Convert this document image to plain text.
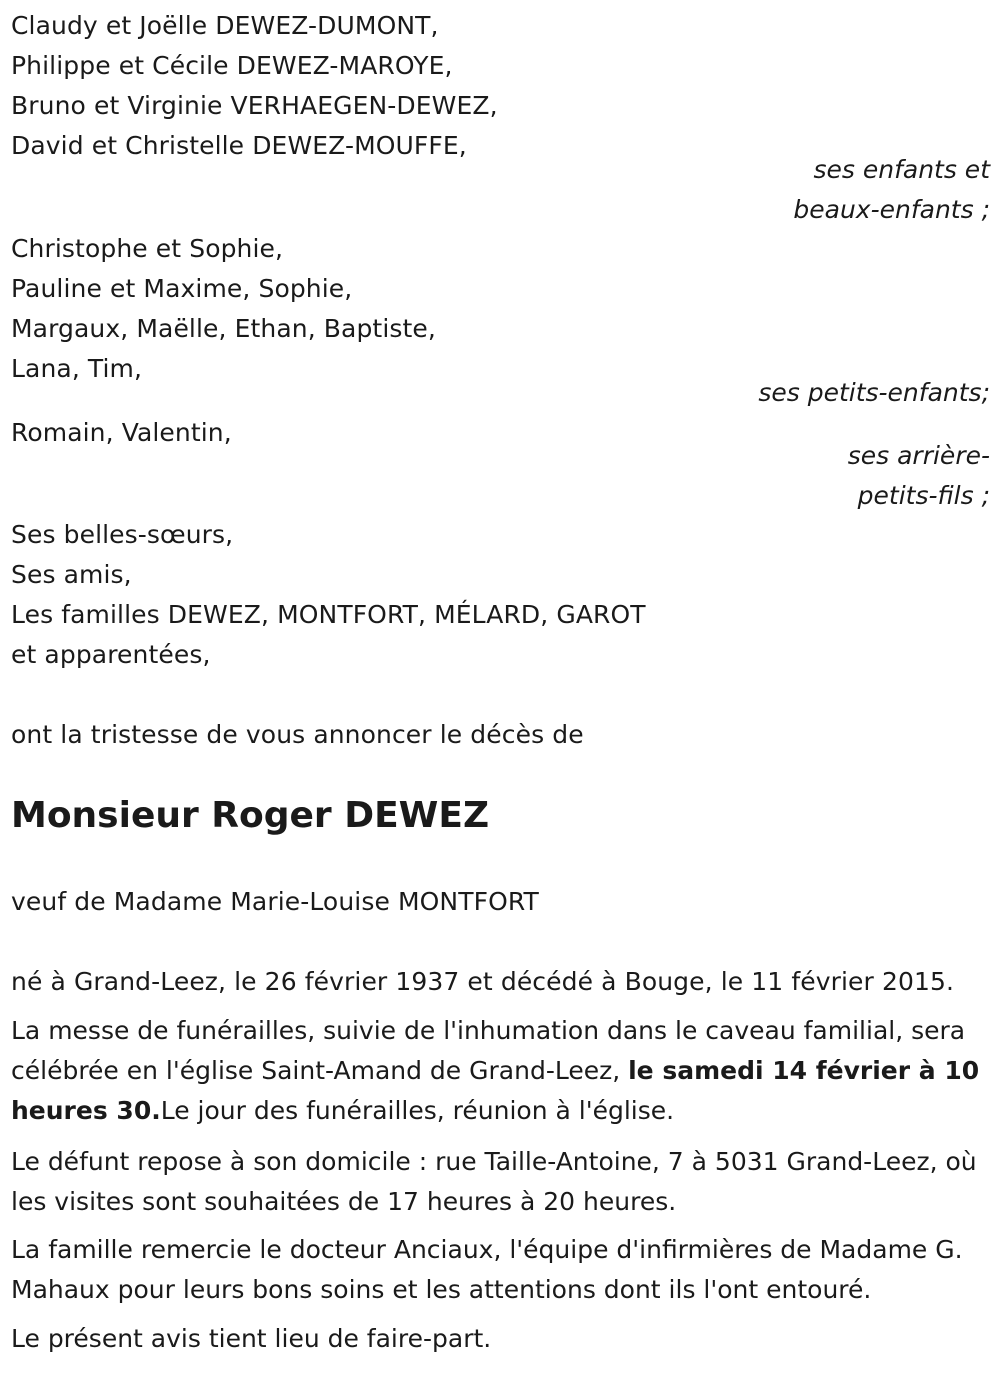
Claudy et Joëlle DEWEZ-DUMONT,
Philippe et Cécile DEWEZ-MAROYE,
Bruno et Virginie VERHAEGEN-DEWEZ,
David et Christelle DEWEZ-MOUFFE,
ses enfants et
beaux-enfants ;
Christophe et Sophie,
Pauline et Maxime, Sophie,
Margaux, Maëlle, Ethan, Baptiste,
Lana, Tim,
ses petits-enfants;
Romain, Valentin,
ses arrière-
petits-fils ;
Ses belles-sœurs,
Ses amis,
Les familles DEWEZ, MONTFORT, MÉLARD, GAROT
et apparentées,
ont la tristesse de vous annoncer le décès de
Monsieur Roger DEWEZ
veuf de Madame Marie-Louise MONTFORT
né à Grand-Leez, le 26 février 1937 et décédé à Bouge, le 11 février 2015.
La messe de funérailles, suivie de l'inhumation dans le caveau familial, sera célébrée en l'église Saint-Amand de Grand-Leez, le samedi 14 février à 10 heures 30.Le jour des funérailles, réunion à l'église.
Le défunt repose à son domicile : rue Taille-Antoine, 7 à 5031 Grand-Leez, où les visites sont souhaitées de 17 heures à 20 heures.
La famille remercie le docteur Anciaux, l'équipe d'infirmières de Madame G. Mahaux pour leurs bons soins et les attentions dont ils l'ont entouré.
Le présent avis tient lieu de faire-part.
